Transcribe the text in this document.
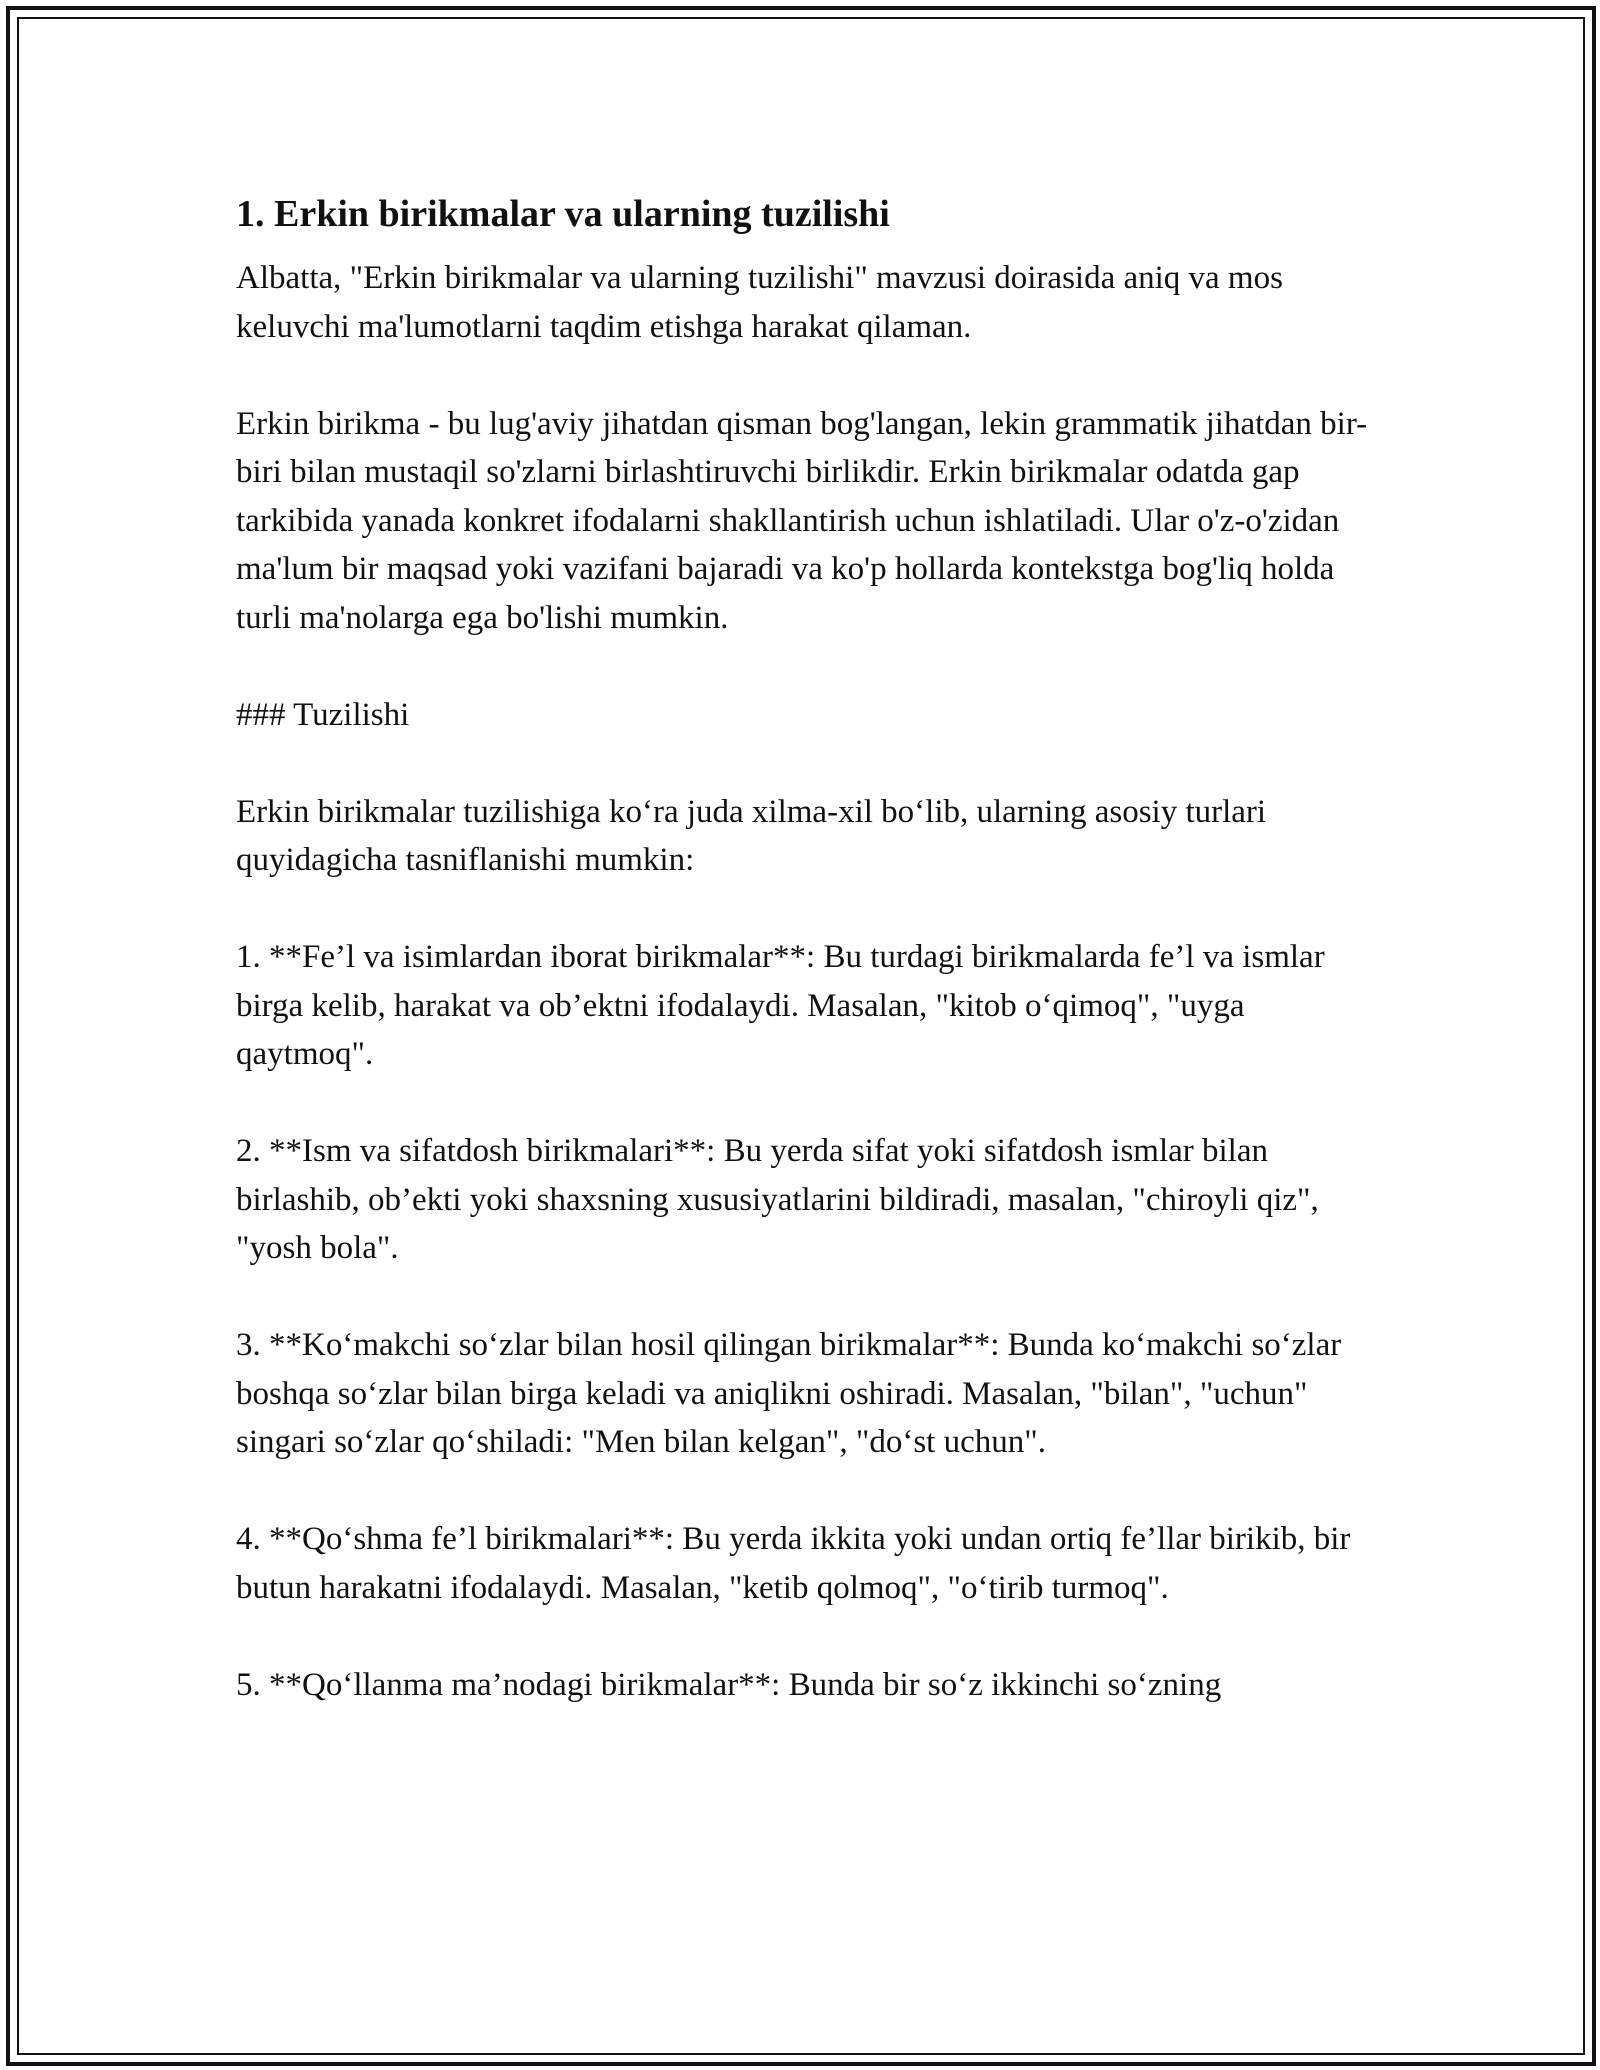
1. Erkin birikmalar va ularning tuzilishi

Albatta, "Erkin birikmalar va ularning tuzilishi" mavzusi doirasida aniq va mos keluvchi ma'lumotlarni taqdim etishga harakat qilaman.

Erkin birikma - bu lug'aviy jihatdan qisman bog'langan, lekin grammatik jihatdan bir-biri bilan mustaqil so'zlarni birlashtiruvchi birlikdir. Erkin birikmalar odatda gap tarkibida yanada konkret ifodalarni shakllantirish uchun ishlatiladi. Ular o'z-o'zidan ma'lum bir maqsad yoki vazifani bajaradi va ko'p hollarda kontekstga bog'liq holda turli ma'nolarga ega bo'lishi mumkin.

### Tuzilishi

Erkin birikmalar tuzilishiga ko‘ra juda xilma-xil bo‘lib, ularning asosiy turlari quyidagicha tasniflanishi mumkin:

1. **Fe’l va isimlardan iborat birikmalar**: Bu turdagi birikmalarda fe’l va ismlar birga kelib, harakat va ob’ektni ifodalaydi. Masalan, "kitob o‘qimoq", "uyga qaytmoq".

2. **Ism va sifatdosh birikmalari**: Bu yerda sifat yoki sifatdosh ismlar bilan birlashib, ob’ekti yoki shaxsning xususiyatlarini bildiradi, masalan, "chiroyli qiz", "yosh bola".

3. **Ko‘makchi so‘zlar bilan hosil qilingan birikmalar**: Bunda ko‘makchi so‘zlar boshqa so‘zlar bilan birga keladi va aniqlikni oshiradi. Masalan, "bilan", "uchun" singari so‘zlar qo‘shiladi: "Men bilan kelgan", "do‘st uchun".

4. **Qo‘shma fe’l birikmalari**: Bu yerda ikkita yoki undan ortiq fe’llar birikib, bir butun harakatni ifodalaydi. Masalan, "ketib qolmoq", "o‘tirib turmoq".

5. **Qo‘llanma ma’nodagi birikmalar**: Bunda bir so‘z ikkinchi so‘zning
